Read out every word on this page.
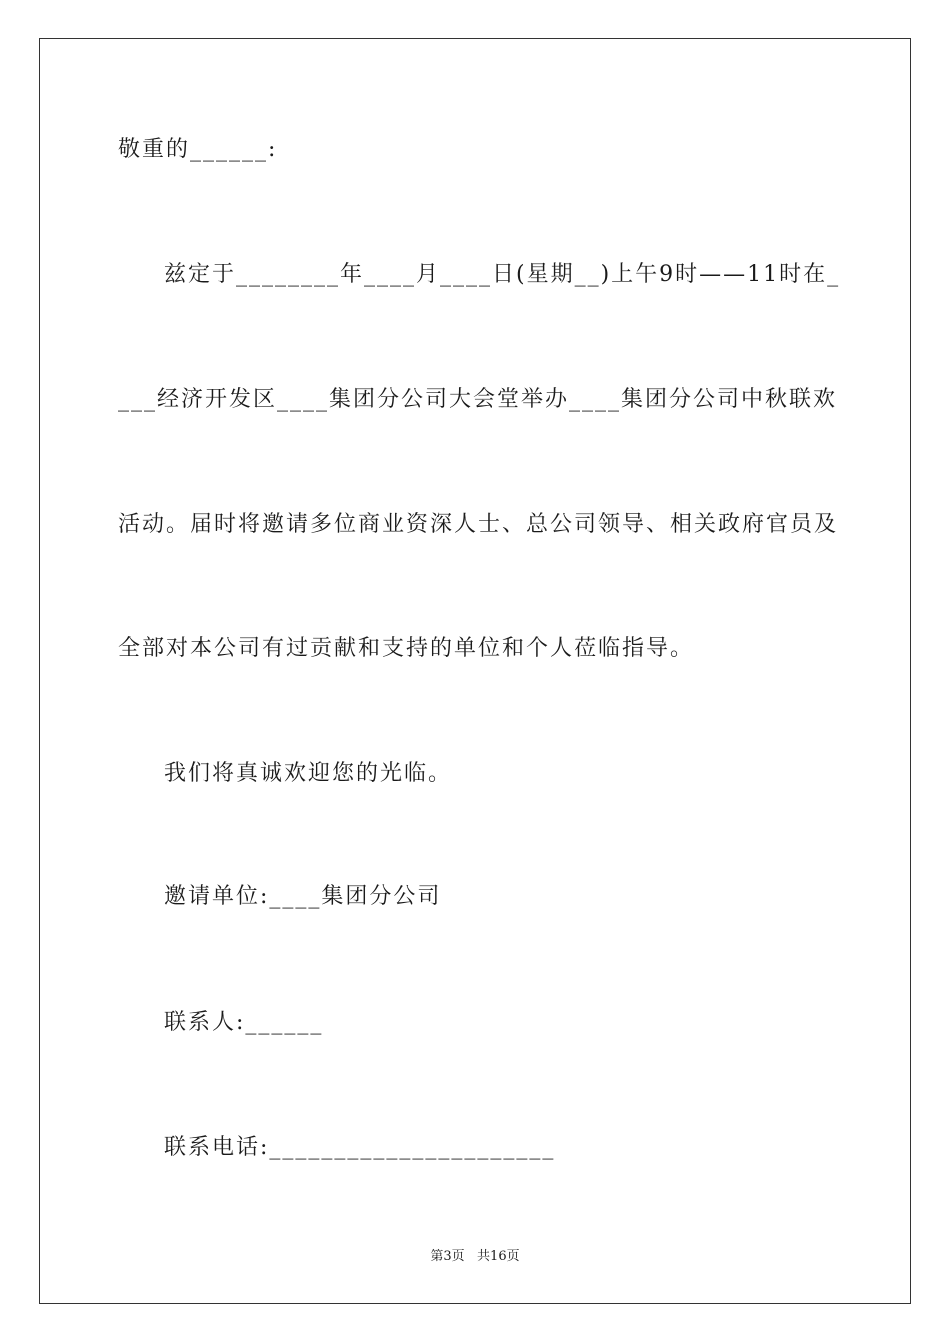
敬重的______:
兹定于________年____月____日(星期__)上午9时——11时在_
___经济开发区____集团分公司大会堂举办____集团分公司中秋联欢
活动。届时将邀请多位商业资深人士、总公司领导、相关政府官员及
全部对本公司有过贡献和支持的单位和个人莅临指导。
我们将真诚欢迎您的光临。
邀请单位:____集团分公司
联系人:______
联系电话:______________________
第3页   共16页
